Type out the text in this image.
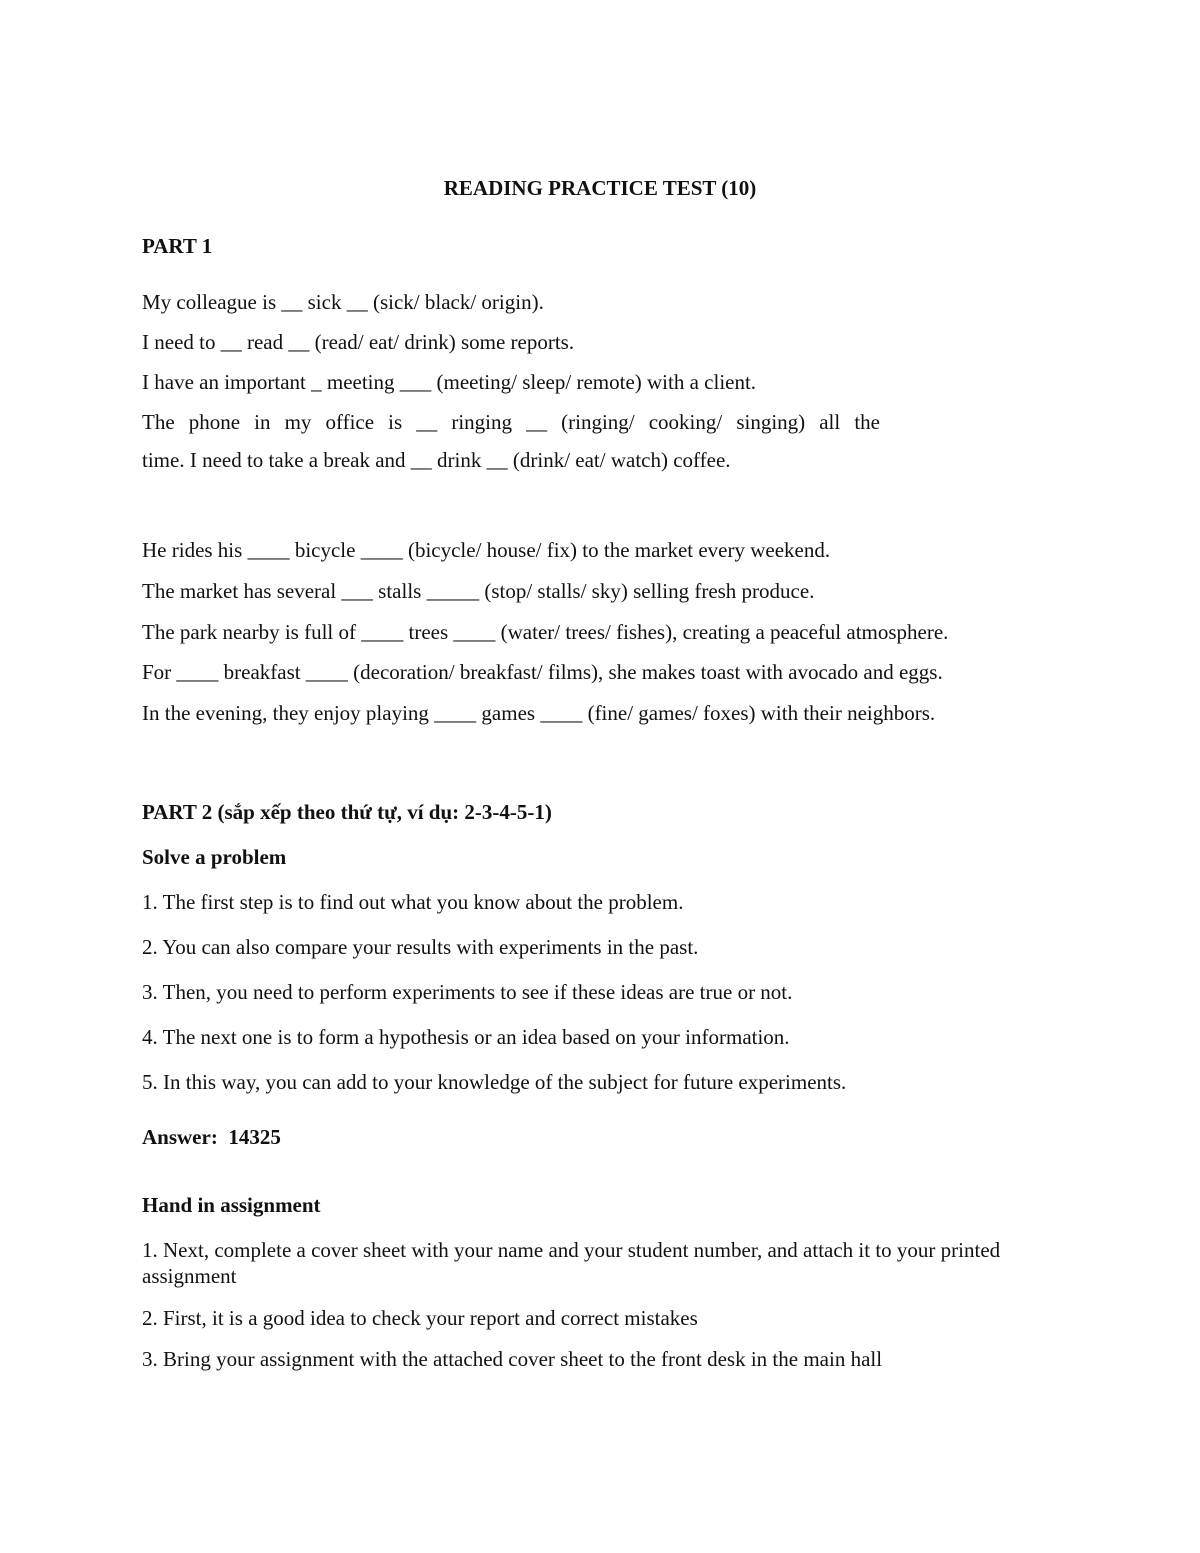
READING PRACTICE TEST (10)
PART 1
My colleague is __ sick __ (sick/ black/ origin).
I need to __ read __ (read/ eat/ drink) some reports.
I have an important _ meeting ___ (meeting/ sleep/ remote) with a client.
The phone in my office is __ ringing __ (ringing/ cooking/ singing) all the
time. I need to take a break and __ drink __ (drink/ eat/ watch) coffee.
He rides his ____ bicycle ____ (bicycle/ house/ fix) to the market every weekend.
The market has several ___ stalls _____ (stop/ stalls/ sky) selling fresh produce.
The park nearby is full of ____ trees ____ (water/ trees/ fishes), creating a peaceful atmosphere.
For ____ breakfast ____ (decoration/ breakfast/ films), she makes toast with avocado and eggs.
In the evening, they enjoy playing ____ games ____ (fine/ games/ foxes) with their neighbors.
PART 2 (sắp xếp theo thứ tự, ví dụ: 2-3-4-5-1)
Solve a problem
1. The first step is to find out what you know about the problem.
2. You can also compare your results with experiments in the past.
3. Then, you need to perform experiments to see if these ideas are true or not.
4. The next one is to form a hypothesis or an idea based on your information.
5. In this way, you can add to your knowledge of the subject for future experiments.
Answer: 14325
Hand in assignment
1. Next, complete a cover sheet with your name and your student number, and attach it to your printed assignment
2. First, it is a good idea to check your report and correct mistakes
3. Bring your assignment with the attached cover sheet to the front desk in the main hall
